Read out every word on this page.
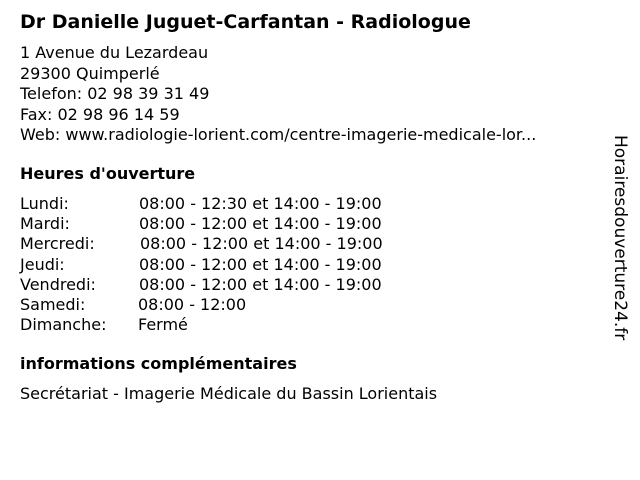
Dr Danielle Juguet-Carfantan - Radiologue
1 Avenue du Lezardeau
29300 Quimperlé
Telefon: 02 98 39 31 49
Fax: 02 98 96 14 59
Web: www.radiologie-lorient.com/centre-imagerie-medicale-lor...
Heures d'ouverture
Lundi:	08:00 - 12:30 et 14:00 - 19:00
Mardi:	08:00 - 12:00 et 14:00 - 19:00
Mercredi:	08:00 - 12:00 et 14:00 - 19:00
Jeudi:	08:00 - 12:00 et 14:00 - 19:00
Vendredi:	08:00 - 12:00 et 14:00 - 19:00
Samedi:	08:00 - 12:00
Dimanche: Fermé
informations complémentaires
Secrétariat - Imagerie Médicale du Bassin Lorientais
Horairesdouverture24.fr
